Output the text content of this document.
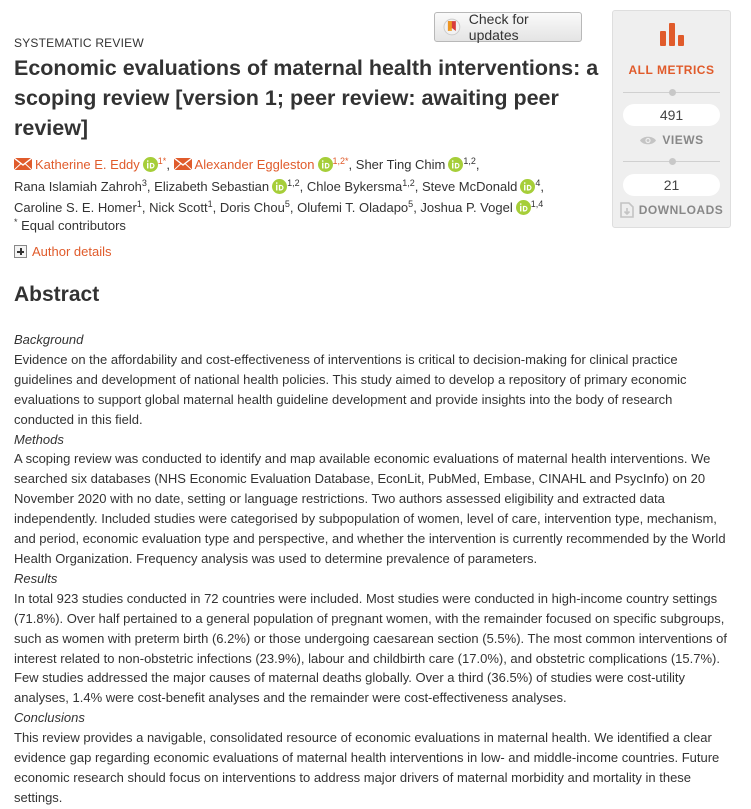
Check for updates
SYSTEMATIC REVIEW
Economic evaluations of maternal health interventions: a scoping review [version 1; peer review: awaiting peer review]
Katherine E. Eddy $^{1*}$, Alexander Eggleston $^{1,2*}$, Sher Ting Chim $^{1,2}$,
Rana Islamiah Zahroh$^3$, Elizabeth Sebastian $^{1,2}$, Chloe Bykersma$^{1,2}$, Steve McDonald $^4$,
Caroline S. E. Homer$^1$, Nick Scott$^1$, Doris Chou$^5$, Olufemi T. Oladapo$^5$, Joshua P. Vogel $^{1,4}$
* Equal contributors
Author details
ALL METRICS
491
VIEWS
21
DOWNLOADS
Abstract
Background
Evidence on the affordability and cost-effectiveness of interventions is critical to decision-making for clinical practice guidelines and development of national health policies. This study aimed to develop a repository of primary economic evaluations to support global maternal health guideline development and provide insights into the body of research conducted in this field.
Methods
A scoping review was conducted to identify and map available economic evaluations of maternal health interventions. We searched six databases (NHS Economic Evaluation Database, EconLit, PubMed, Embase, CINAHL and PsycInfo) on 20 November 2020 with no date, setting or language restrictions. Two authors assessed eligibility and extracted data independently. Included studies were categorised by subpopulation of women, level of care, intervention type, mechanism, and period, economic evaluation type and perspective, and whether the intervention is currently recommended by the World Health Organization. Frequency analysis was used to determine prevalence of parameters.
Results
In total 923 studies conducted in 72 countries were included. Most studies were conducted in high-income country settings (71.8%). Over half pertained to a general population of pregnant women, with the remainder focused on specific subgroups, such as women with preterm birth (6.2%) or those undergoing caesarean section (5.5%). The most common interventions of interest related to non-obstetric infections (23.9%), labour and childbirth care (17.0%), and obstetric complications (15.7%). Few studies addressed the major causes of maternal deaths globally. Over a third (36.5%) of studies were cost-utility analyses, 1.4% were cost-benefit analyses and the remainder were cost-effectiveness analyses.
Conclusions
This review provides a navigable, consolidated resource of economic evaluations in maternal health. We identified a clear evidence gap regarding economic evaluations of maternal health interventions in low- and middle-income countries. Future economic research should focus on interventions to address major drivers of maternal morbidity and mortality in these settings.
